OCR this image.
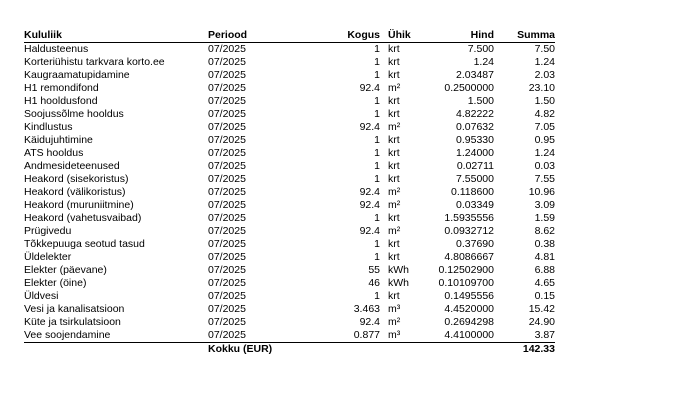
Kululiik	Periood	Kogus	Ühik	Hind	Summa
Haldusteenus	07/2025	1	krt	7.500	7.50
Korteriühistu tarkvara korto.ee	07/2025	1	krt	1.24	1.24
Kaugraamatupidamine	07/2025	1	krt	2.03487	2.03
H1 remondifond	07/2025	92.4	m²	0.2500000	23.10
H1 hooldusfond	07/2025	1	krt	1.500	1.50
Soojussõlme hooldus	07/2025	1	krt	4.82222	4.82
Kindlustus	07/2025	92.4	m²	0.07632	7.05
Käidujuhtimine	07/2025	1	krt	0.95330	0.95
ATS hooldus	07/2025	1	krt	1.24000	1.24
Andmesideteenused	07/2025	1	krt	0.02711	0.03
Heakord (sisekoristus)	07/2025	1	krt	7.55000	7.55
Heakord (välikoristus)	07/2025	92.4	m²	0.118600	10.96
Heakord (muruniitmine)	07/2025	92.4	m²	0.03349	3.09
Heakord (vahetusvaibad)	07/2025	1	krt	1.5935556	1.59
Prügivedu	07/2025	92.4	m²	0.0932712	8.62
Tõkkepuuga seotud tasud	07/2025	1	krt	0.37690	0.38
Üldelekter	07/2025	1	krt	4.8086667	4.81
Elekter (päevane)	07/2025	55	kWh	0.12502900	6.88
Elekter (öine)	07/2025	46	kWh	0.10109700	4.65
Üldvesi	07/2025	1	krt	0.1495556	0.15
Vesi ja kanalisatsioon	07/2025	3.463	m³	4.4520000	15.42
Küte ja tsirkulatsioon	07/2025	92.4	m²	0.2694298	24.90
Vee soojendamine	07/2025	0.877	m³	4.4100000	3.87
	Kokku (EUR)				142.33
